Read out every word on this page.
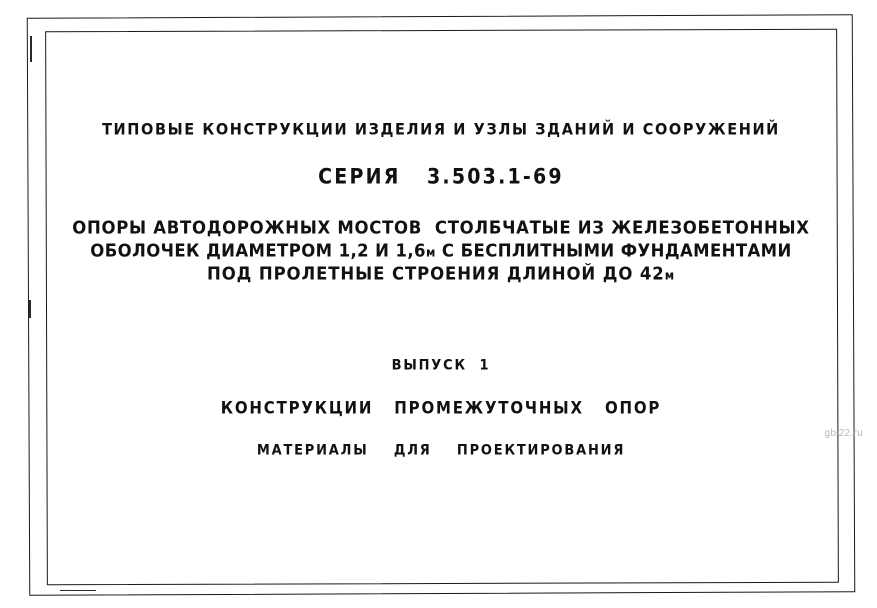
ТИПОВЫЕ КОНСТРУКЦИИ ИЗДЕЛИЯ И УЗЛЫ ЗДАНИЙ И СООРУЖЕНИЙ
СЕРИЯ   3.503.1-69
ОПОРЫ АВТОДОРОЖНЫХ МОСТОВ  СТОЛБЧАТЫЕ ИЗ ЖЕЛЕЗОБЕТОННЫХ
ОБОЛОЧЕК ДИАМЕТРОМ 1,2 И 1,6м С БЕСПЛИТНЫМИ ФУНДАМЕНТАМИ
ПОД ПРОЛЕТНЫЕ СТРОЕНИЯ ДЛИНОЙ ДО 42м
ВЫПУСК  1
КОНСТРУКЦИИ   ПРОМЕЖУТОЧНЫХ   ОПОР
МАТЕРИАЛЫ    ДЛЯ    ПРОЕКТИРОВАНИЯ
gbi22.ru
